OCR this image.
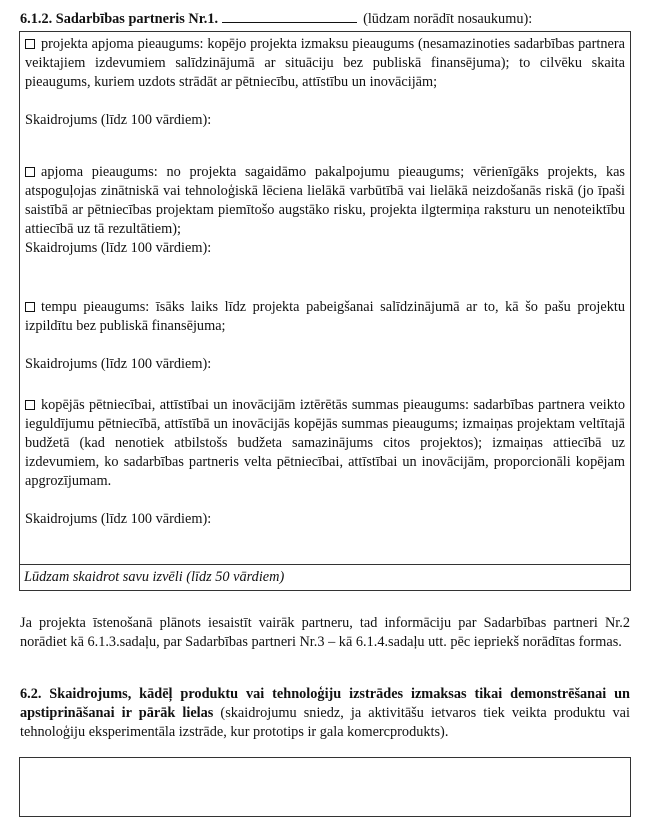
6.1.2. Sadarbības partneris Nr.1.	(lūdzam norādīt nosaukumu):

projekta apjoma pieaugums: kopējo projekta izmaksu pieaugums (nesamazinoties sadarbības partnera veiktajiem izdevumiem salīdzinājumā ar situāciju bez publiskā finansējuma); to cilvēku skaita pieaugums, kuriem uzdots strādāt ar pētniecību, attīstību un inovācijām;

Skaidrojums (līdz 100 vārdiem):

apjoma pieaugums: no projekta sagaidāmo pakalpojumu pieaugums; vērienīgāks projekts, kas atspoguļojas zinātniskā vai tehnoloģiskā lēciena lielākā varbūtībā vai lielākā neizdošanās riskā (jo īpaši saistībā ar pētniecības projektam piemītošo augstāko risku, projekta ilgtermiņa raksturu un nenoteiktību attiecībā uz tā rezultātiem);

Skaidrojums (līdz 100 vārdiem):

tempu pieaugums: īsāks laiks līdz projekta pabeigšanai salīdzinājumā ar to, kā šo pašu projektu izpildītu bez publiskā finansējuma;

Skaidrojums (līdz 100 vārdiem):

kopējās pētniecībai, attīstībai un inovācijām iztērētās summas pieaugums: sadarbības partnera veikto ieguldījumu pētniecībā, attīstībā un inovācijās kopējās summas pieaugums; izmaiņas projektam veltītajā budžetā (kad nenotiek atbilstošs budžeta samazinājums citos projektos); izmaiņas attiecībā uz izdevumiem, ko sadarbības partneris velta pētniecībai, attīstībai un inovācijām, proporcionāli kopējam apgrozījumam.

Skaidrojums (līdz 100 vārdiem):

Lūdzam skaidrot savu izvēli (līdz 50 vārdiem)

Ja projekta īstenošanā plānots iesaistīt vairāk partneru, tad informāciju par Sadarbības partneri Nr.2 norādiet kā 6.1.3.sadaļu, par Sadarbības partneri Nr.3 – kā 6.1.4.sadaļu utt. pēc iepriekš norādītas formas.

6.2. Skaidrojums, kādēļ produktu vai tehnoloģiju izstrādes izmaksas tikai demonstrēšanai un apstiprināšanai ir pārāk lielas (skaidrojumu sniedz, ja aktivitāšu ietvaros tiek veikta produktu vai tehnoloģiju eksperimentāla izstrāde, kur prototips ir gala komercprodukts).
